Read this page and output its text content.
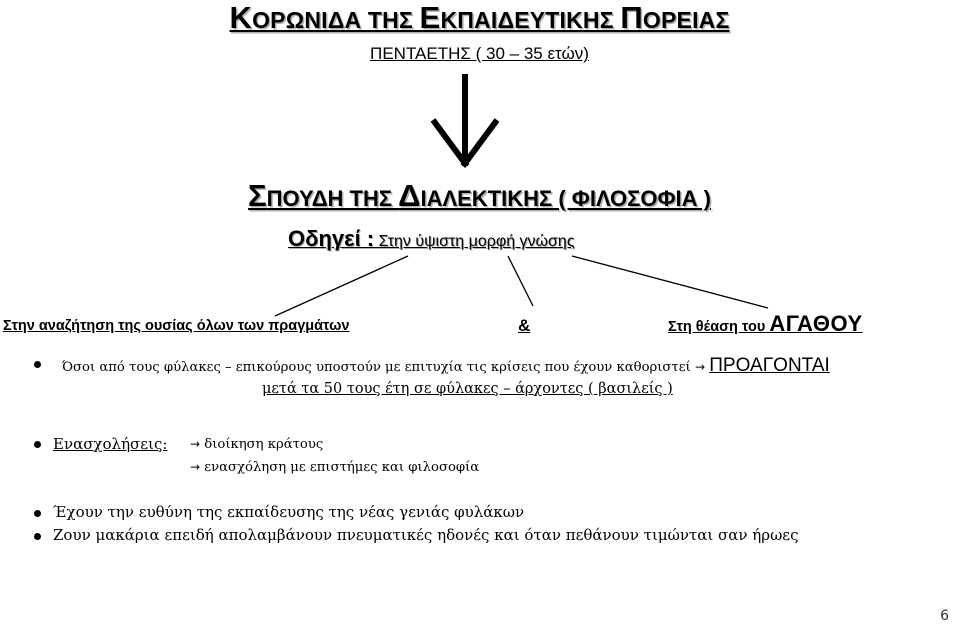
ΚΟΡΩΝΙΔΑ ΤΗΣ ΕΚΠΑΙΔΕΥΤΙΚΗΣ ΠΟΡΕΙΑΣ
ΠΕΝΤΑΕΤΗΣ ( 30 – 35 ετών)
ΣΠΟΥΔΗ ΤΗΣ ΔΙΑΛΕΚΤΙΚΗΣ ( ΦΙΛΟΣΟΦΙΑ )
Οδηγεί : Στην ύψιστη μορφή γνώσης
Στην αναζήτηση της ουσίας όλων των πραγμάτων	&	Στη θέαση του ΑΓΑΘΟΥ
Όσοι από τους φύλακες – επικούρους υποστούν με επιτυχία τις κρίσεις που έχουν καθοριστεί → ΠΡΟΑΓΟΝΤΑΙ
μετά τα 50 τους έτη σε φύλακες – άρχοντες ( βασιλείς )
Ενασχολήσεις: → διοίκηση κράτους
→ ενασχόληση με επιστήμες και φιλοσοφία
Έχουν την ευθύνη της εκπαίδευσης της νέας γενιάς φυλάκων
Ζουν μακάρια επειδή απολαμβάνουν πνευματικές ηδονές και όταν πεθάνουν τιμώνται σαν ήρωες
6
